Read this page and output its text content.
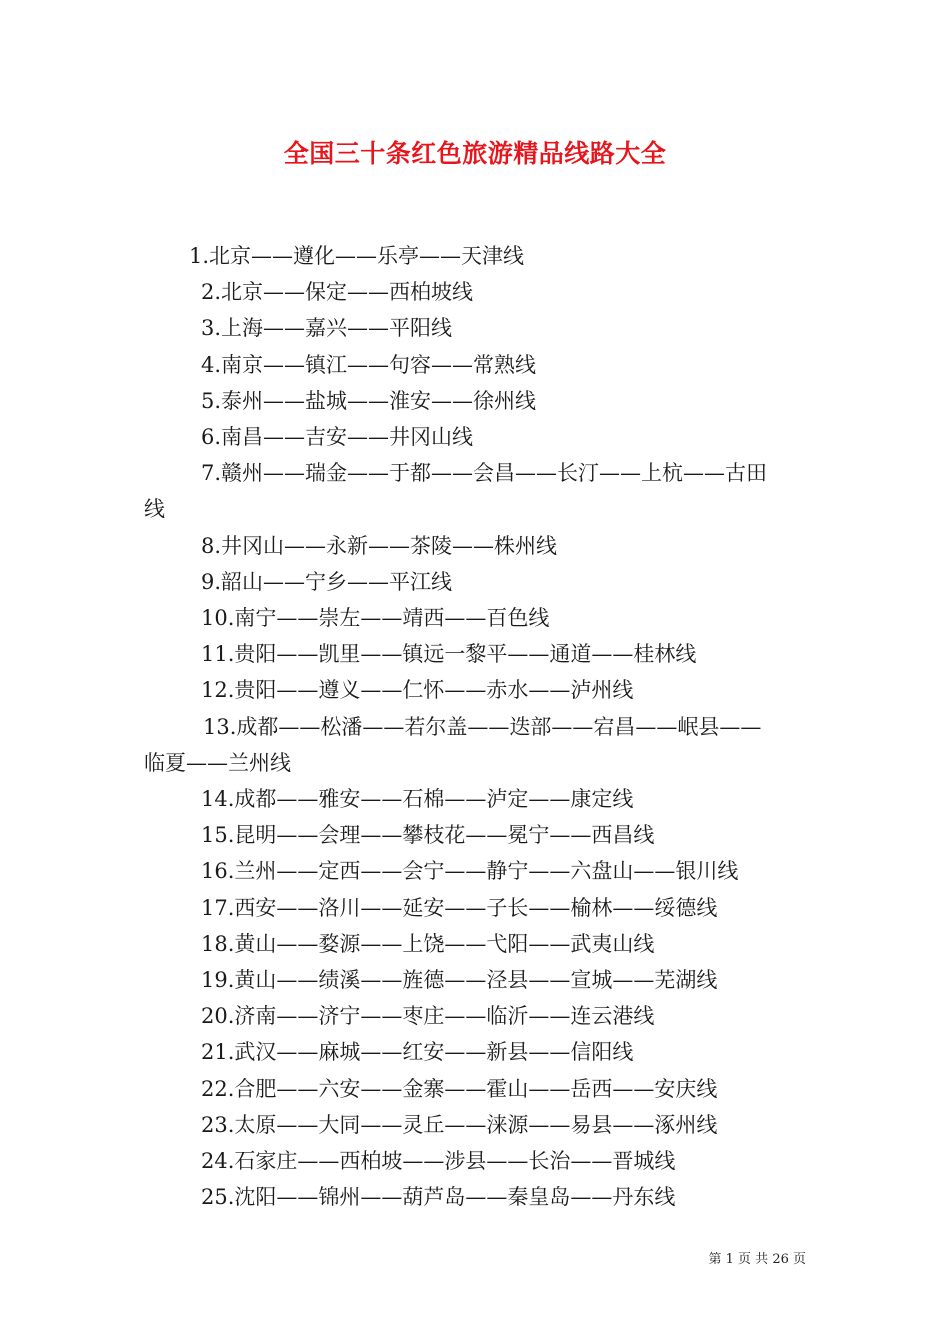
全国三十条红色旅游精品线路大全
1.北京——遵化——乐亭——天津线
2.北京——保定——西柏坡线
3.上海——嘉兴——平阳线
4.南京——镇江——句容——常熟线
5.泰州——盐城——淮安——徐州线
6.南昌——吉安——井冈山线
7.赣州——瑞金——于都——会昌——长汀——上杭——古田
线
8.井冈山——永新——茶陵——株州线
9.韶山——宁乡——平江线
10.南宁——崇左——靖西——百色线
11.贵阳——凯里——镇远一黎平——通道——桂林线
12.贵阳——遵义——仁怀——赤水——泸州线
13.成都——松潘——若尔盖——迭部——宕昌——岷县——
临夏——兰州线
14.成都——雅安——石棉——泸定——康定线
15.昆明——会理——攀枝花——冕宁——西昌线
16.兰州——定西——会宁——静宁——六盘山——银川线
17.西安——洛川——延安——子长——榆林——绥德线
18.黄山——婺源——上饶——弋阳——武夷山线
19.黄山——绩溪——旌德——泾县——宣城——芜湖线
20.济南——济宁——枣庄——临沂——连云港线
21.武汉——麻城——红安——新县——信阳线
22.合肥——六安——金寨——霍山——岳西——安庆线
23.太原——大同——灵丘——涞源——易县——涿州线
24.石家庄——西柏坡——涉县——长治——晋城线
25.沈阳——锦州——葫芦岛——秦皇岛——丹东线
第 1 页 共 26 页
